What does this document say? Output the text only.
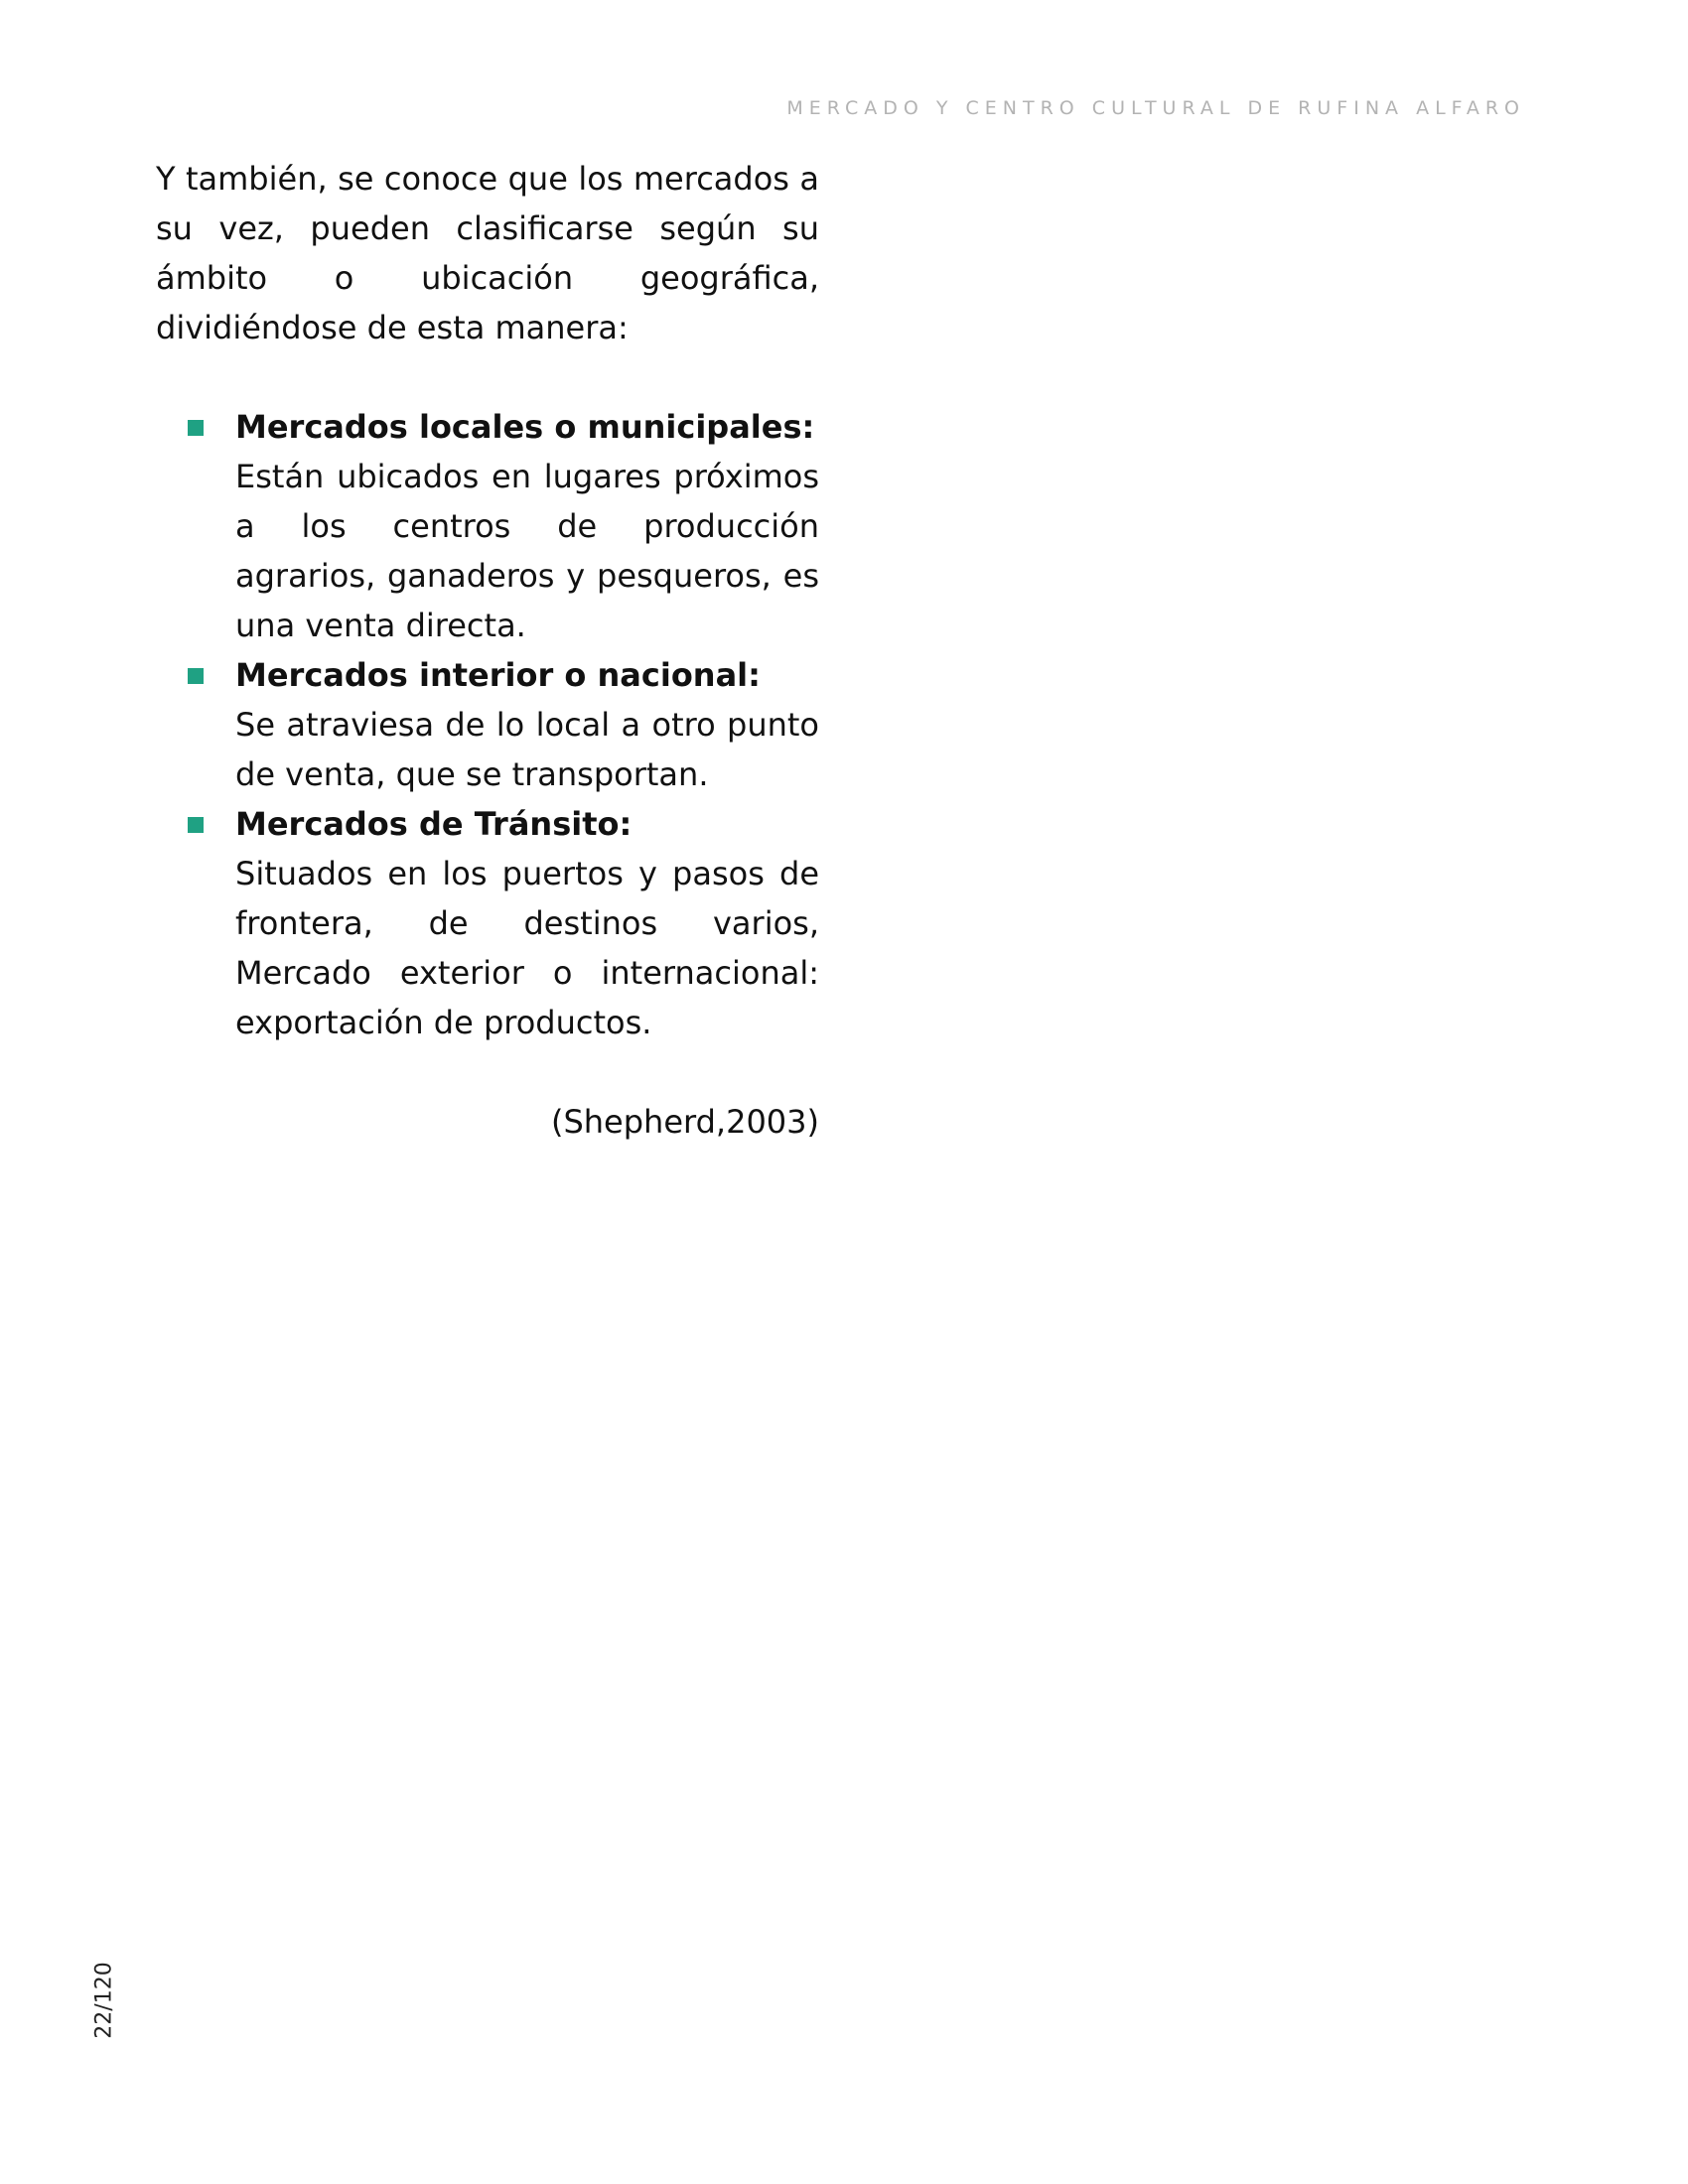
MERCADO Y CENTRO CULTURAL DE RUFINA ALFARO

Y también, se conoce que los mercados a su vez, pueden clasificarse según su ámbito o ubicación geográfica, dividiéndose de esta manera:

Mercados locales o municipales:
Están ubicados en lugares próximos a los centros de producción agrarios, ganaderos y pesqueros, es una venta directa.
Mercados interior o nacional:
Se atraviesa de lo local a otro punto de venta, que se transportan.
Mercados de Tránsito:
Situados en los puertos y pasos de frontera, de destinos varios, Mercado exterior o internacional: exportación de productos.

(Shepherd,2003)

22/120
